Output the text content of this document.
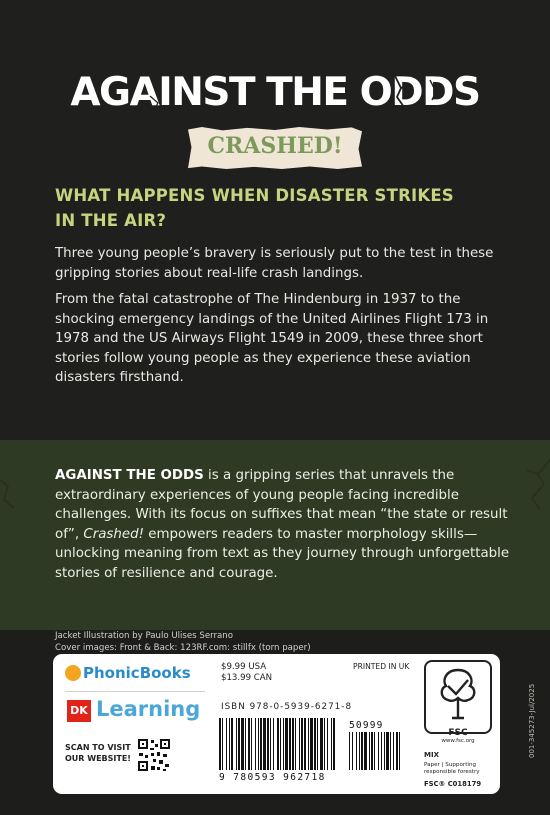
AGAINST THE ODDS
CRASHED!
WHAT HAPPENS WHEN DISASTER STRIKES
IN THE AIR?
Three young people’s bravery is seriously put to the test in these gripping stories about real-life crash landings.
From the fatal catastrophe of The Hindenburg in 1937 to the shocking emergency landings of the United Airlines Flight 173 in 1978 and the US Airways Flight 1549 in 2009, these three short stories follow young people as they experience these aviation disasters firsthand.
AGAINST THE ODDS is a gripping series that unravels the extraordinary experiences of young people facing incredible challenges. With its focus on suffixes that mean “the state or result of”, Crashed! empowers readers to master morphology skills—unlocking meaning from text as they journey through unforgettable stories of resilience and courage.
Jacket Illustration by Paulo Ulises Serrano
Cover images: Front & Back: 123RF.com: stillfx (torn paper)
PhonicBooks
DK Learning
SCAN TO VISIT
OUR WEBSITE!
$9.99 USA
$13.99 CAN
PRINTED IN UK
ISBN 978-0-5939-6271-8
9 780593 962718
50999
FSC
www.fsc.org
MIX
Paper | Supporting responsible forestry
FSC® C018179
001-345273-Jul/2025
